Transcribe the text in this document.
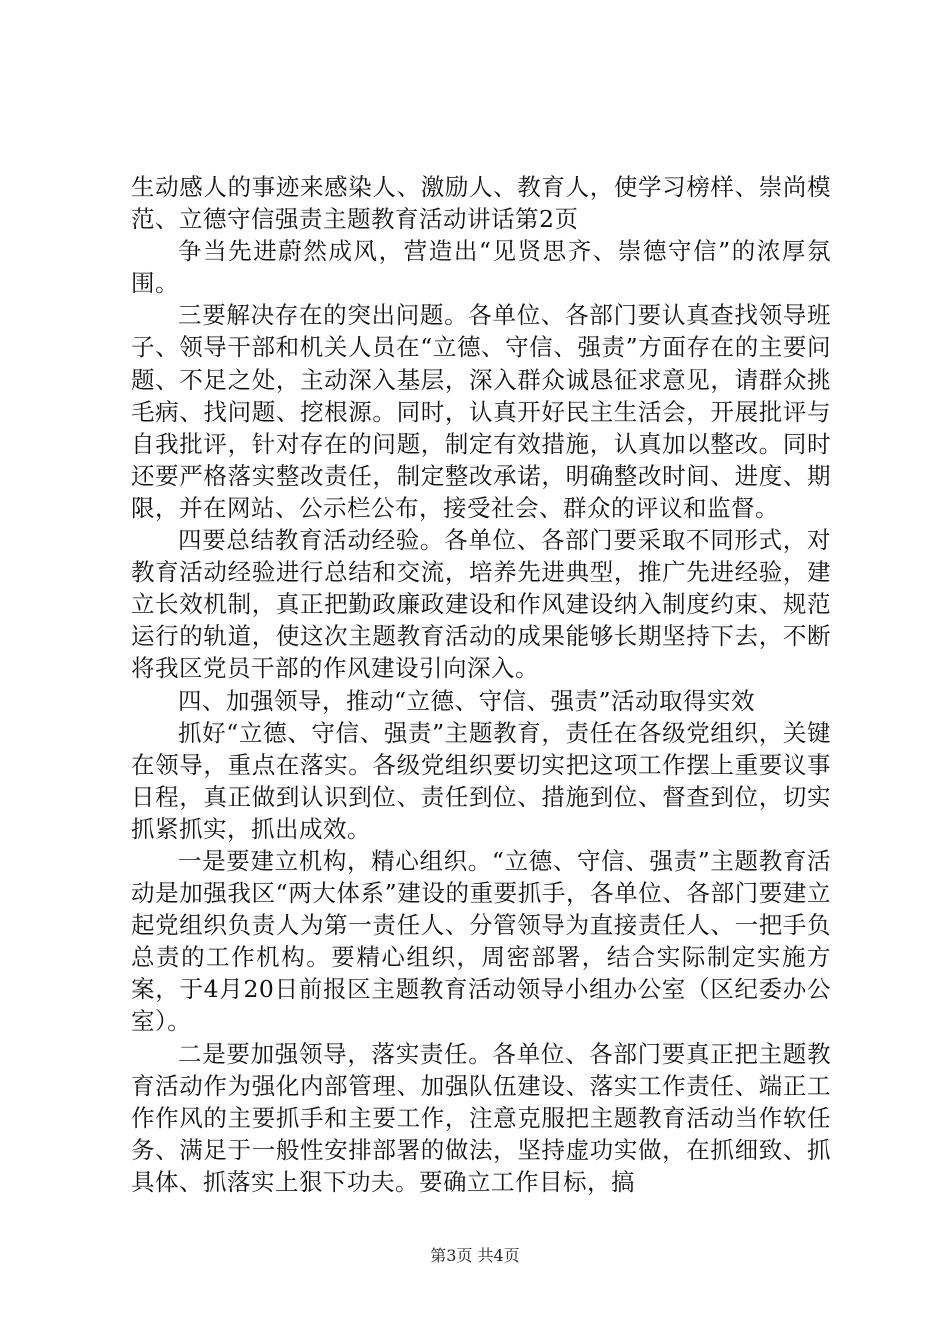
生动感人的事迹来感染人、激励人、教育人，使学习榜样、崇尚模范、立德守信强责主题教育活动讲话第2页

争当先进蔚然成风，营造出“见贤思齐、崇德守信”的浓厚氛围。

三要解决存在的突出问题。各单位、各部门要认真查找领导班子、领导干部和机关人员在“立德、守信、强责”方面存在的主要问题、不足之处，主动深入基层，深入群众诚恳征求意见，请群众挑毛病、找问题、挖根源。同时，认真开好民主生活会，开展批评与自我批评，针对存在的问题，制定有效措施，认真加以整改。同时还要严格落实整改责任，制定整改承诺，明确整改时间、进度、期限，并在网站、公示栏公布，接受社会、群众的评议和监督。

四要总结教育活动经验。各单位、各部门要采取不同形式，对教育活动经验进行总结和交流，培养先进典型，推广先进经验，建立长效机制，真正把勤政廉政建设和作风建设纳入制度约束、规范运行的轨道，使这次主题教育活动的成果能够长期坚持下去，不断将我区党员干部的作风建设引向深入。

四、加强领导，推动“立德、守信、强责”活动取得实效

抓好“立德、守信、强责”主题教育，责任在各级党组织，关键在领导，重点在落实。各级党组织要切实把这项工作摆上重要议事日程，真正做到认识到位、责任到位、措施到位、督查到位，切实抓紧抓实，抓出成效。

一是要建立机构，精心组织。“立德、守信、强责”主题教育活动是加强我区“两大体系”建设的重要抓手，各单位、各部门要建立起党组织负责人为第一责任人、分管领导为直接责任人、一把手负总责的工作机构。要精心组织，周密部署，结合实际制定实施方案，于4月20日前报区主题教育活动领导小组办公室（区纪委办公室）。

二是要加强领导，落实责任。各单位、各部门要真正把主题教育活动作为强化内部管理、加强队伍建设、落实工作责任、端正工作作风的主要抓手和主要工作，注意克服把主题教育活动当作软任务、满足于一般性安排部署的做法，坚持虚功实做，在抓细致、抓具体、抓落实上狠下功夫。要确立工作目标，搞

第3页 共4页
